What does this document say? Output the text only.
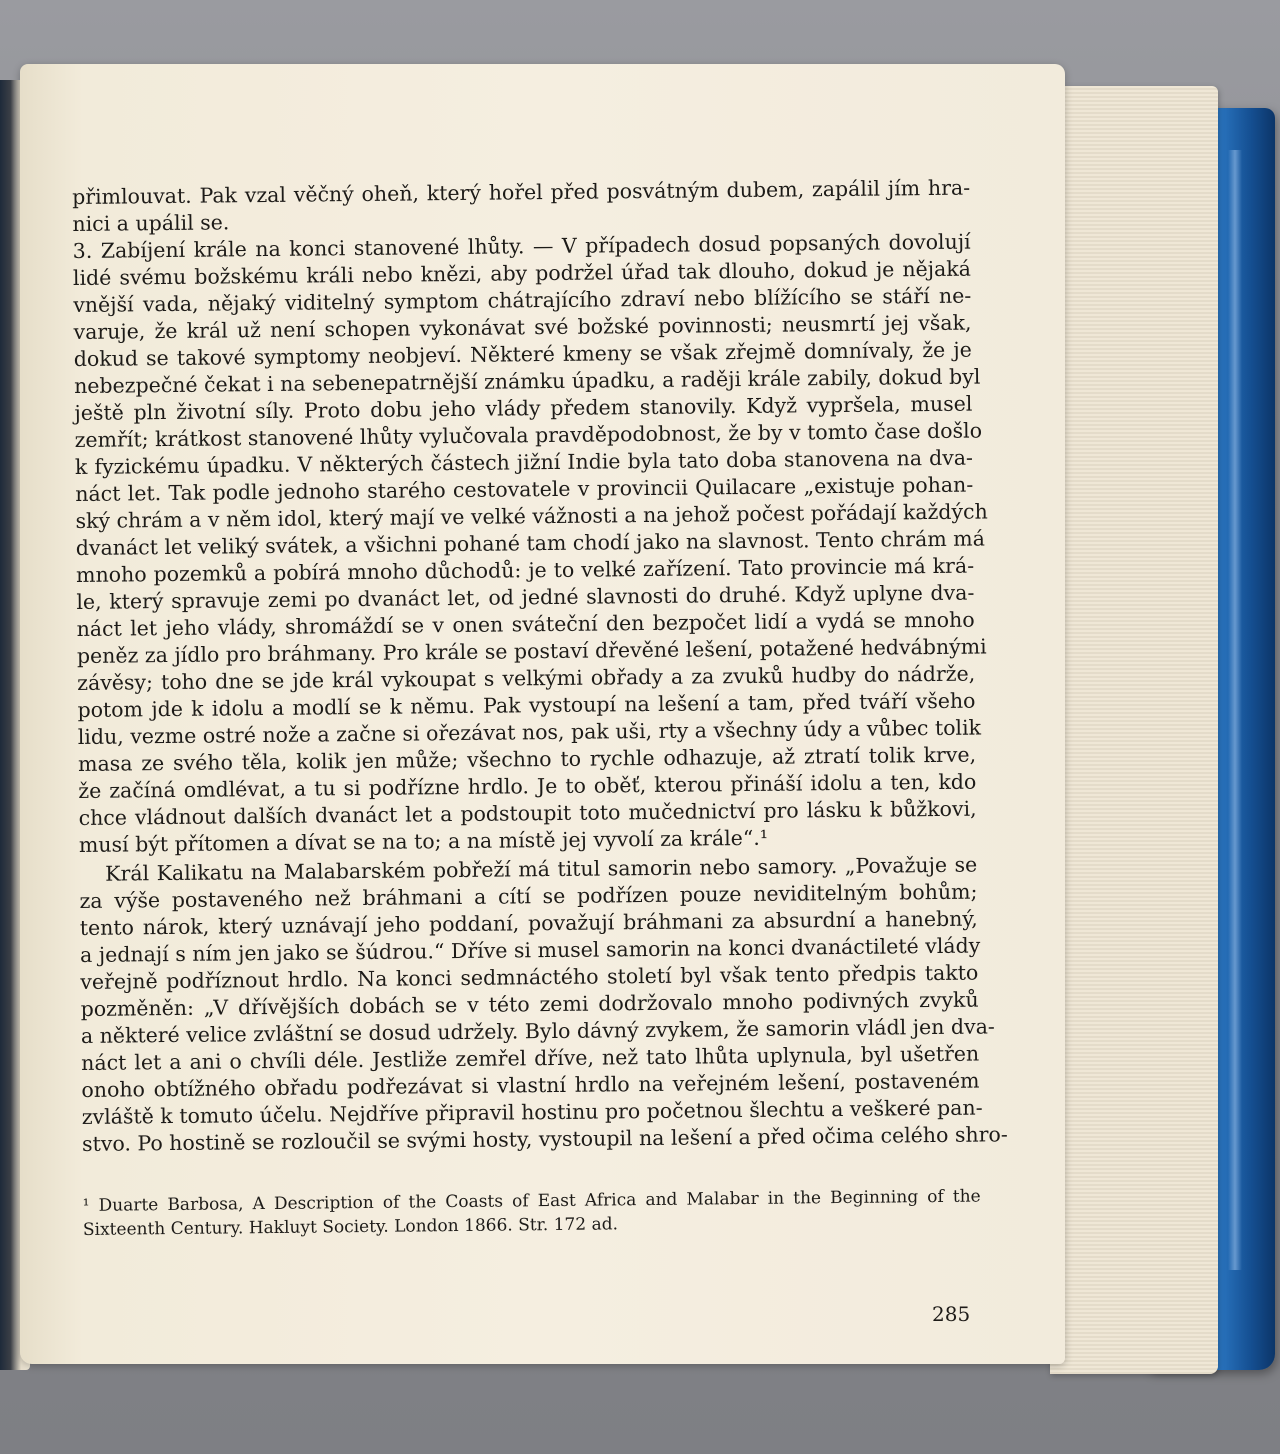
přimlouvat. Pak vzal věčný oheň, který hořel před posvátným dubem, zapálil jím hra-
nici a upálil se.
3. Zabíjení krále na konci stanovené lhůty. — V případech dosud popsaných dovolují
lidé svému božskému králi nebo knězi, aby podržel úřad tak dlouho, dokud je nějaká
vnější vada, nějaký viditelný symptom chátrajícího zdraví nebo blížícího se stáří ne-
varuje, že král už není schopen vykonávat své božské povinnosti; neusmrtí jej však,
dokud se takové symptomy neobjeví. Některé kmeny se však zřejmě domnívaly, že je
nebezpečné čekat i na sebenepatrnější známku úpadku, a raději krále zabily, dokud byl
ještě pln životní síly. Proto dobu jeho vlády předem stanovily. Když vypršela, musel
zemřít; krátkost stanovené lhůty vylučovala pravděpodobnost, že by v tomto čase došlo
k fyzickému úpadku. V některých částech jižní Indie byla tato doba stanovena na dva-
náct let. Tak podle jednoho starého cestovatele v provincii Quilacare „existuje pohan-
ský chrám a v něm idol, který mají ve velké vážnosti a na jehož počest pořádají každých
dvanáct let veliký svátek, a všichni pohané tam chodí jako na slavnost. Tento chrám má
mnoho pozemků a pobírá mnoho důchodů: je to velké zařízení. Tato provincie má krá-
le, který spravuje zemi po dvanáct let, od jedné slavnosti do druhé. Když uplyne dva-
náct let jeho vlády, shromáždí se v onen sváteční den bezpočet lidí a vydá se mnoho
peněz za jídlo pro bráhmany. Pro krále se postaví dřevěné lešení, potažené hedvábnými
závěsy; toho dne se jde král vykoupat s velkými obřady a za zvuků hudby do nádrže,
potom jde k idolu a modlí se k němu. Pak vystoupí na lešení a tam, před tváří všeho
lidu, vezme ostré nože a začne si ořezávat nos, pak uši, rty a všechny údy a vůbec tolik
masa ze svého těla, kolik jen může; všechno to rychle odhazuje, až ztratí tolik krve,
že začíná omdlévat, a tu si podřízne hrdlo. Je to oběť, kterou přináší idolu a ten, kdo
chce vládnout dalších dvanáct let a podstoupit toto mučednictví pro lásku k bůžkovi,
musí být přítomen a dívat se na to; a na místě jej vyvolí za krále“.¹
Král Kalikatu na Malabarském pobřeží má titul samorin nebo samory. „Považuje se
za výše postaveného než bráhmani a cítí se podřízen pouze neviditelným bohům;
tento nárok, který uznávají jeho poddaní, považují bráhmani za absurdní a hanebný,
a jednají s ním jen jako se šúdrou.“ Dříve si musel samorin na konci dvanáctileté vlády
veřejně podříznout hrdlo. Na konci sedmnáctého století byl však tento předpis takto
pozměněn: „V dřívějších dobách se v této zemi dodržovalo mnoho podivných zvyků
a některé velice zvláštní se dosud udržely. Bylo dávný zvykem, že samorin vládl jen dva-
náct let a ani o chvíli déle. Jestliže zemřel dříve, než tato lhůta uplynula, byl ušetřen
onoho obtížného obřadu podřezávat si vlastní hrdlo na veřejném lešení, postaveném
zvláště k tomuto účelu. Nejdříve připravil hostinu pro početnou šlechtu a veškeré pan-
stvo. Po hostině se rozloučil se svými hosty, vystoupil na lešení a před očima celého shro-
¹ Duarte Barbosa, A Description of the Coasts of East Africa and Malabar in the Beginning of the
Sixteenth Century. Hakluyt Society. London 1866. Str. 172 ad.
285
